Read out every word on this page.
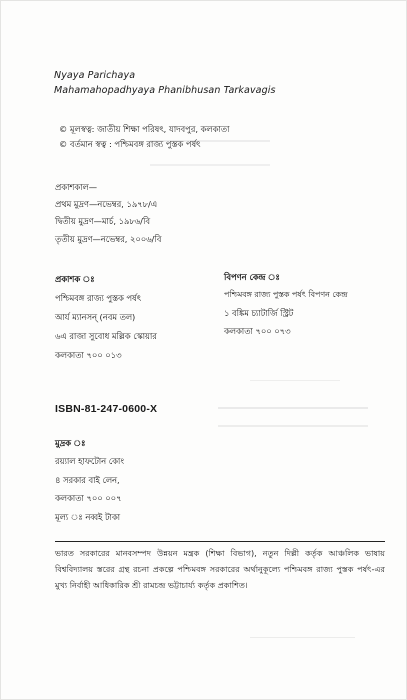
Nyaya Parichaya
Mahamahopadhyaya Phanibhusan Tarkavagis
© মূলস্বত্ব: জাতীয় শিক্ষা পরিষৎ, যাদবপুর, কলকাতা
© বর্তমান স্বত্ব : পশ্চিমবঙ্গ রাজ্য পুস্তক পর্ষৎ
প্রকাশকাল—
প্রথম মুদ্রণ—নভেম্বর, ১৯৭৮/এ
দ্বিতীয় মুদ্রণ—মার্চ, ১৯৮৬/বি
তৃতীয় মুদ্রণ—নভেম্বর, ২০০৬/বি
প্রকাশক ঃ
পশ্চিমবঙ্গ রাজ্য পুস্তক পর্ষৎ
আর্য ম্যানসন্ (নবম তল)
৬এ রাজা সুবোধ মল্লিক স্কোয়ার
কলকাতা ৭০০ ০১৩
বিপণন কেন্দ্র ঃ
পশ্চিমবঙ্গ রাজ্য পুস্তক পর্ষৎ বিপণন কেন্দ্র
১ বঙ্কিম চ্যাটার্জি স্ট্রিট
কলকাতা ৭০০ ০৭৩
ISBN-81-247-0600-X
মুদ্রক ঃ
রয়্যাল হাফটোন কোং
৪ সরকার বাই লেন,
কলকাতা ৭০০ ০০৭
মূল্য ঃ নব্বই টাকা

ভারত সরকারের মানবসম্পদ উন্নয়ন মন্ত্রক (শিক্ষা বিভাগ), নতুন দিল্লী কর্তৃক আঞ্চলিক ভাষায় বিশ্ববিদ্যালয় স্তরের গ্রন্থ রচনা প্রকল্পে পশ্চিমবঙ্গ সরকারের অর্থানুকূল্যে পশ্চিমবঙ্গ রাজ্য পুস্তক পর্ষৎ-এর মুখ্য নির্বাহী আধিকারিক শ্রী রামচন্দ্র ভট্টাচার্য্য কর্তৃক প্রকাশিত।
